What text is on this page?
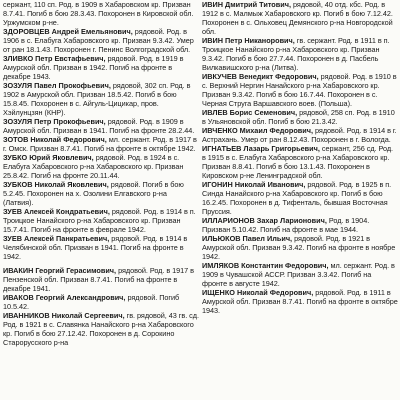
сержант, 110 сп. Род. в 1909 в Хабаровском кр. Призван 8.7.41. Погиб в бою 28.3.43. Похоронен в Кировской обл. Уржумском р-не.

ЗДОРОВЦЕВ Андрей Емельянович, рядовой. Род. в 1906 в с. Елабуга Хабаровского кр. Призван 9.3.42. Умер от ран 18.1.43. Похоронен г. Пенинс Волгоградской обл.

ЗЛИВКО Петр Евстафьевич, рядовой. Род. в 1919 в Амурской обл. Призван в 1942. Погиб на фронте в декабре 1943.

ЗОЗУЛЯ Павел Прокофьевич, рядовой, 302 сп. Род. в 1902 в Амурской обл. Призван 18.5.42. Погиб в бою 15.8.45. Похоронен в с. Айгуль-Цицикар, пров. Хэйлунцзян (КНР).

ЗОЗУЛЯ Петр Прокофьевич, рядовой. Род. в 1909 в Амурской обл. Призван в 1941. Погиб на фронте 28.2.44.

ЗОТОВ Николай Федорович, мл. сержант. Род. в 1917 в г. Омск. Призван 8.7.41. Погиб на фронте в октябре 1942.

ЗУБКО Юрий Яковлевич, рядовой. Род. в 1924 в с. Елабуга Хабаровского р-на Хабаровского кр. Призван 25.8.42. Погиб на фронте 20.11.44.

ЗУБКОВ Николай Яковлевич, рядовой. Погиб в бою 5.2.45. Похоронен на х. Озолини Елгавского р-на (Латвия).

ЗУЕВ Алексей Кондратьевич, рядовой. Род. в 1914 в п. Троицкое Нанайского р-на Хабаровского кр. Призван 15.7.41. Погиб на фронте в феврале 1942.

ЗУЕВ Алексей Панкратьевич, рядовой. Род. в 1914 в Челябинской обл. Призван в 1941. Погиб на фронте в 1942.

ИВАКИН Георгий Герасимович, рядовой. Род. в 1917 в Пензенской обл. Призван 8.7.41. Погиб на фронте в декабре 1941.

ИВАКОВ Георгий Александрович, рядовой. Погиб 10.5.42.

ИВАННИКОВ Николай Сергеевич, гв. рядовой, 43 гв. сд. Род. в 1921 в с. Славянка Нанайского р-на Хабаровского кр. Погиб в бою 27.12.42. Похоронен в д. Сорокино Старорусского р-на

ИВИН Дмитрий Титович, рядовой, 40 отд. кбс. Род. в 1912 в с. Малмыж Хабаровского кр. Погиб в бою 7.12.42. Похоронен в с. Ольховец Демянского р-на Новгородской обл.

ИВИН Петр Никанорович, гв. сержант. Род. в 1911 в п. Троицкое Нанайского р-на Хабаровского кр. Призван 9.3.42. Погиб в бою 27.7.44. Похоронен в д. Пасбель Вилкавишского р-на (Литва).

ИВКУЧЕВ Венедикт Федорович, рядовой. Род. в 1910 в с. Верхний Нергин Нанайского р-на Хабаровского кр. Призван 9.3.42. Погиб в бою 16.7.44. Похоронен в с. Черная Струга Варшавского воев. (Польша).

ИВЛЕВ Борис Семенович, рядовой, 258 сп. Род. в 1910 в Ульяновской обл. Погиб в бою 21.3.42.

ИВЧЕНКО Михаил Федорович, рядовой. Род. в 1914 в г. Астрахань. Умер от ран 8.12.43. Похоронен в г. Вологда.

ИГНАТЬЕВ Лазарь Григорьевич, сержант, 256 сд. Род. в 1915 в с. Елабуга Хабаровского р-на Хабаровского кр. Призван 8.8.41. Погиб в бою 13.1.43. Похоронен в Кировском р-не Ленинградской обл.

ИГОНИН Николай Иванович, рядовой. Род. в 1925 в п. Синда Нанайского р-на Хабаровского кр. Погиб в бою 16.2.45. Похоронен в д. Тифенталь, бывшая Восточная Пруссия.

ИЛЛАРИОНОВ Захар Ларионович, Род. в 1904. Призван 5.10.42. Погиб на фронте в мае 1944.

ИЛЬЮКОВ Павел Ильич, рядовой. Род. в 1921 в Амурской обл. Призван 9.3.42. Погиб на фронте в ноябре 1942.

ИМЛЯКОВ Константин Федорович, мл. сержант. Род. в 1909 в Чувашской АССР. Призван 3.3.42. Погиб на фронте в августе 1942.

ИЩЕНКО Николай Федорович, рядовой. Род. в 1911 в Амурской обл. Призван 8.7.41. Погиб на фронте в октябре 1943.
